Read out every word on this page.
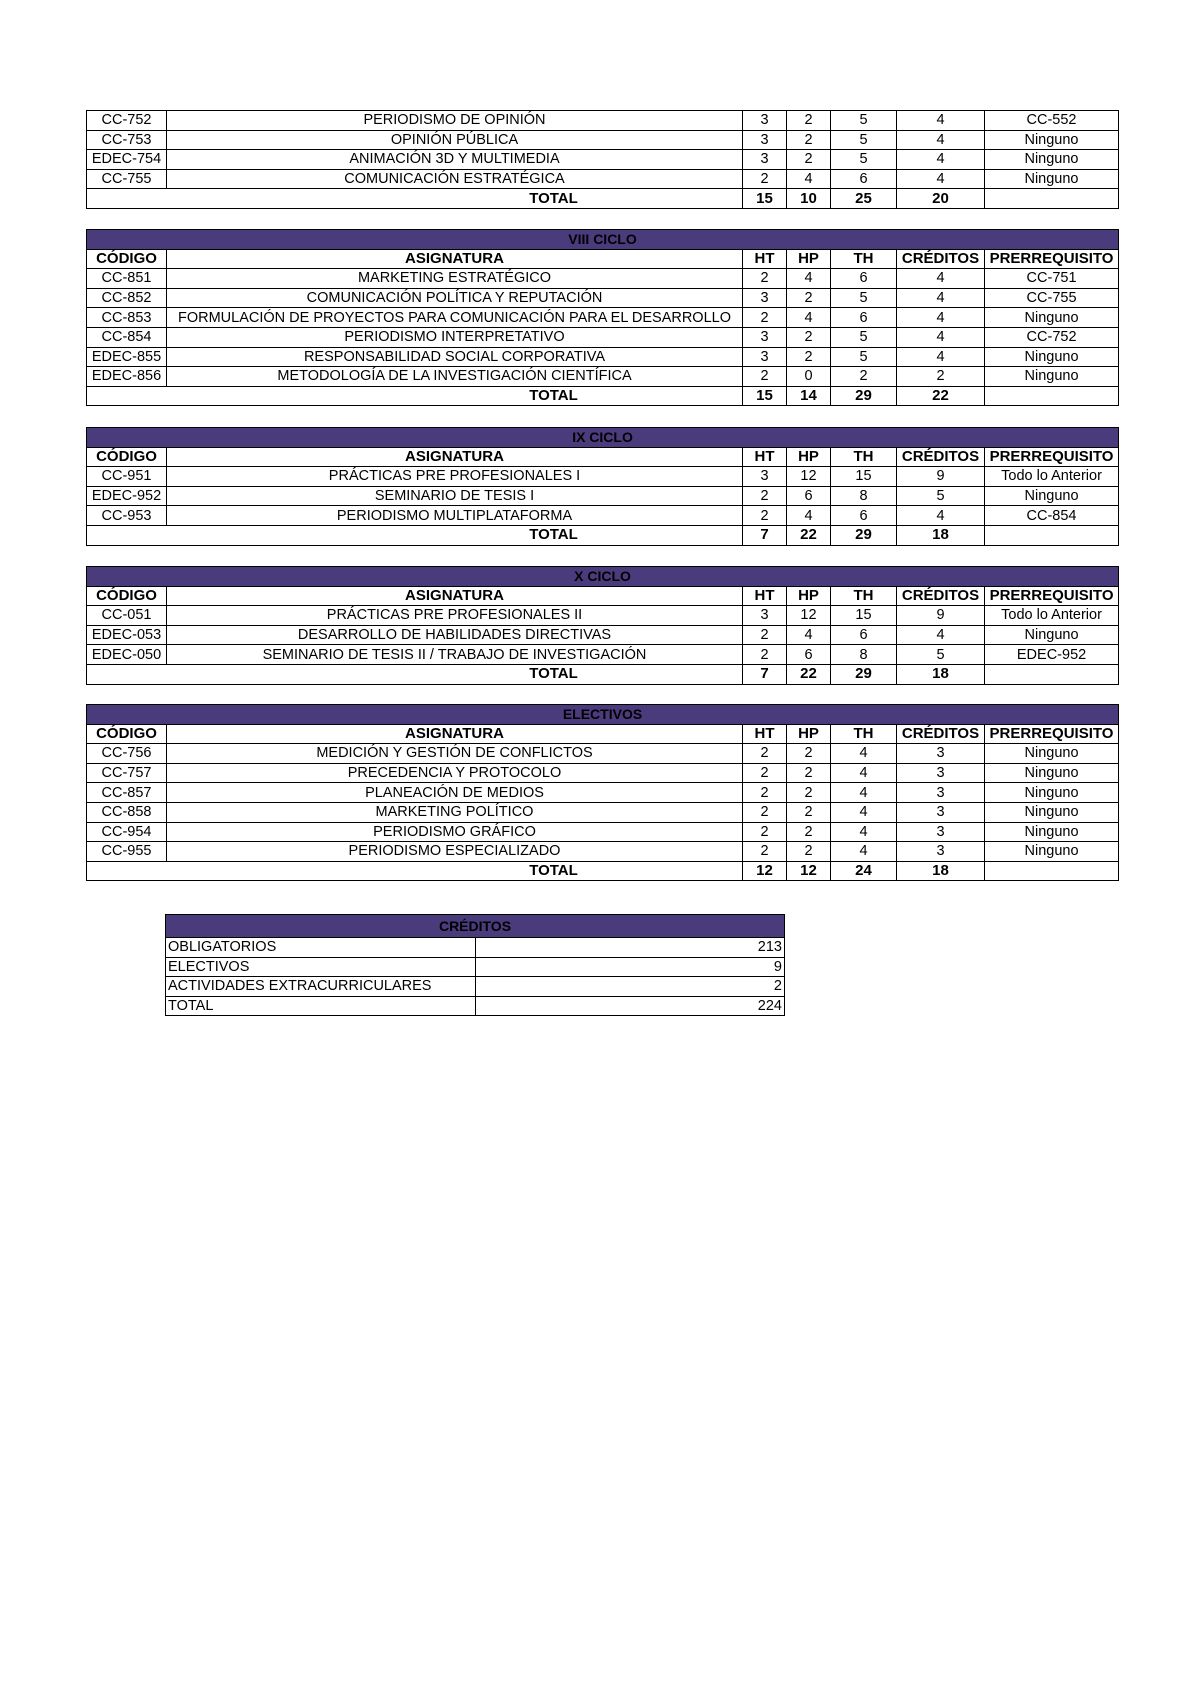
CC-752	PERIODISMO DE OPINIÓN	3	2	5	4	CC-552
CC-753	OPINIÓN PÚBLICA	3	2	5	4	Ninguno
EDEC-754	ANIMACIÓN 3D Y MULTIMEDIA	3	2	5	4	Ninguno
CC-755	COMUNICACIÓN ESTRATÉGICA	2	4	6	4	Ninguno
TOTAL		15	10	25	20	
VIII CICLO						
CÓDIGO	ASIGNATURA	HT	HP	TH	CRÉDITOS	PRERREQUISITO
CC-851	MARKETING ESTRATÉGICO	2	4	6	4	CC-751
CC-852	COMUNICACIÓN POLÍTICA Y REPUTACIÓN	3	2	5	4	CC-755
CC-853	FORMULACIÓN DE PROYECTOS PARA COMUNICACIÓN PARA EL DESARROLLO	2	4	6	4	Ninguno
CC-854	PERIODISMO INTERPRETATIVO	3	2	5	4	CC-752
EDEC-855	RESPONSABILIDAD SOCIAL CORPORATIVA	3	2	5	4	Ninguno
EDEC-856	METODOLOGÍA DE LA INVESTIGACIÓN CIENTÍFICA	2	0	2	2	Ninguno
TOTAL		15	14	29	22	
IX CICLO						
CÓDIGO	ASIGNATURA	HT	HP	TH	CRÉDITOS	PRERREQUISITO
CC-951	PRÁCTICAS PRE PROFESIONALES I	3	12	15	9	Todo lo Anterior
EDEC-952	SEMINARIO DE TESIS I	2	6	8	5	Ninguno
CC-953	PERIODISMO MULTIPLATAFORMA	2	4	6	4	CC-854
TOTAL		7	22	29	18	
X CICLO						
CÓDIGO	ASIGNATURA	HT	HP	TH	CRÉDITOS	PRERREQUISITO
CC-051	PRÁCTICAS PRE PROFESIONALES II	3	12	15	9	Todo lo Anterior
EDEC-053	DESARROLLO DE HABILIDADES DIRECTIVAS	2	4	6	4	Ninguno
EDEC-050	SEMINARIO DE TESIS II / TRABAJO DE INVESTIGACIÓN	2	6	8	5	EDEC-952
TOTAL		7	22	29	18	
ELECTIVOS						
CÓDIGO	ASIGNATURA	HT	HP	TH	CRÉDITOS	PRERREQUISITO
CC-756	MEDICIÓN Y GESTIÓN DE CONFLICTOS	2	2	4	3	Ninguno
CC-757	PRECEDENCIA Y PROTOCOLO	2	2	4	3	Ninguno
CC-857	PLANEACIÓN DE MEDIOS	2	2	4	3	Ninguno
CC-858	MARKETING POLÍTICO	2	2	4	3	Ninguno
CC-954	PERIODISMO GRÁFICO	2	2	4	3	Ninguno
CC-955	PERIODISMO ESPECIALIZADO	2	2	4	3	Ninguno
TOTAL		12	12	24	18	
CRÉDITOS	
OBLIGATORIOS	213
ELECTIVOS	9
ACTIVIDADES EXTRACURRICULARES	2
TOTAL	224
